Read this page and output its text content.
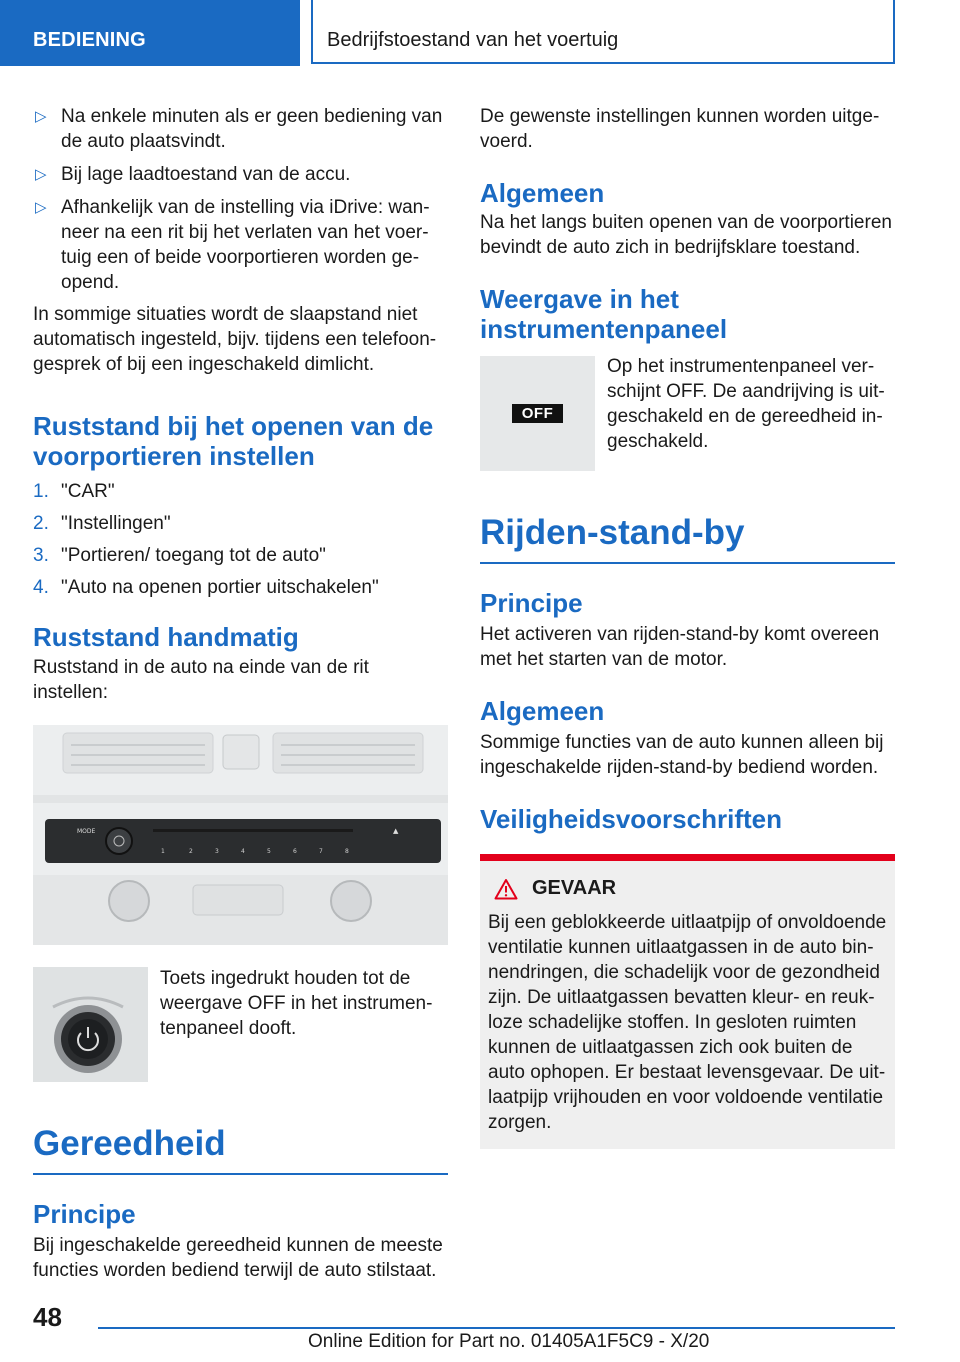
BEDIENING	Bedrijfstoestand van het voertuig
▷ Na enkele minuten als er geen bediening van de auto plaatsvindt.
▷ Bij lage laadtoestand van de accu.
▷ Afhankelijk van de instelling via iDrive: wanneer na een rit bij het verlaten van het voertuig een of beide voorportieren worden geopend.

In sommige situaties wordt de slaapstand niet automatisch ingesteld, bijv. tijdens een telefoongesprek of bij een ingeschakeld dimlicht.

Ruststand bij het openen van de voorportieren instellen
1. "CAR"
2. "Instellingen"
3. "Portieren/ toegang tot de auto"
4. "Auto na openen portier uitschakelen"
Ruststand handmatig

Ruststand in de auto na einde van de rit instellen:

MODE
1	2	3	4	5	6	7	8
▲

Toets ingedrukt houden tot de weergave OFF in het instrumentenpaneel dooft.

Gereedheid
Principe

Bij ingeschakelde gereedheid kunnen de meeste functies worden bediend terwijl de auto stilstaat.

De gewenste instellingen kunnen worden uitgevoerd.

Algemeen

Na het langs buiten openen van de voorportieren bevindt de auto zich in bedrijfsklare toestand.

Weergave in het instrumentenpaneel
OFF

Op het instrumentenpaneel verschijnt OFF. De aandrijving is uitgeschakeld en de gereedheid ingeschakeld.

Rijden-stand-by
Principe

Het activeren van rijden-stand-by komt overeen met het starten van de motor.

Algemeen

Sommige functies van de auto kunnen alleen bij ingeschakelde rijden-stand-by bediend worden.

Veiligheidsvoorschriften
GEVAAR

Bij een geblokkeerde uitlaatpijp of onvoldoende ventilatie kunnen uitlaatgassen in de auto binnendringen, die schadelijk voor de gezondheid zijn. De uitlaatgassen bevatten kleur- en reukloze schadelijke stoffen. In gesloten ruimten kunnen de uitlaatgassen zich ook buiten de auto ophopen. Er bestaat levensgevaar. De uitlaatpijp vrijhouden en voor voldoende ventilatie zorgen.

48
Online Edition for Part no. 01405A1F5C9 - X/20
